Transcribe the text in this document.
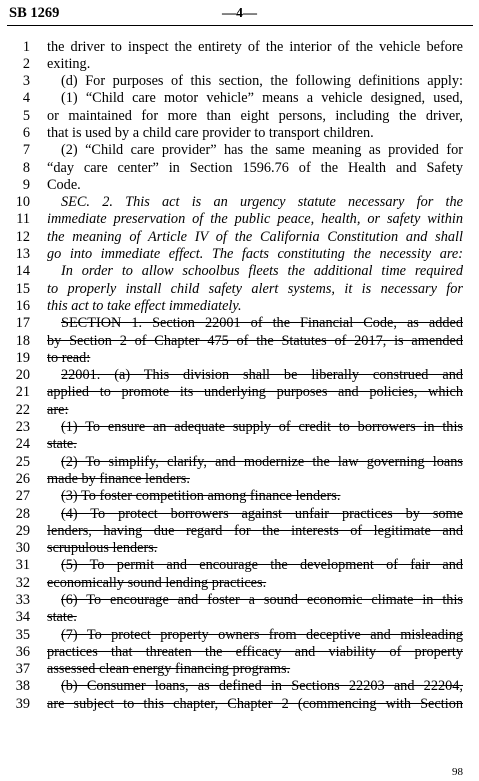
SB 1269	—4—
1 the driver to inspect the entirety of the interior of the vehicle before
2 exiting.
3	(d) For purposes of this section, the following definitions apply:
4	(1) “Child care motor vehicle” means a vehicle designed, used,
5 or maintained for more than eight persons, including the driver,
6 that is used by a child care provider to transport children.
7	(2) “Child care provider” has the same meaning as provided for
8 “day care center” in Section 1596.76 of the Health and Safety
9 Code.
10	SEC. 2. This act is an urgency statute necessary for the
11 immediate preservation of the public peace, health, or safety within
12 the meaning of Article IV of the California Constitution and shall
13 go into immediate effect. The facts constituting the necessity are:
14	In order to allow schoolbus fleets the additional time required
15 to properly install child safety alert systems, it is necessary for
16 this act to take effect immediately.
17	SECTION 1. Section 22001 of the Financial Code, as added
18 by Section 2 of Chapter 475 of the Statutes of 2017, is amended
19 to read:
20	22001. (a) This division shall be liberally construed and
21 applied to promote its underlying purposes and policies, which
22 are:
23	(1) To ensure an adequate supply of credit to borrowers in this
24 state.
25	(2) To simplify, clarify, and modernize the law governing loans
26 made by finance lenders.
27	(3) To foster competition among finance lenders.
28	(4) To protect borrowers against unfair practices by some
29 lenders, having due regard for the interests of legitimate and
30 scrupulous lenders.
31	(5) To permit and encourage the development of fair and
32 economically sound lending practices.
33	(6) To encourage and foster a sound economic climate in this
34 state.
35	(7) To protect property owners from deceptive and misleading
36 practices that threaten the efficacy and viability of property
37 assessed clean energy financing programs.
38	(b) Consumer loans, as defined in Sections 22203 and 22204,
39 are subject to this chapter, Chapter 2 (commencing with Section
98
